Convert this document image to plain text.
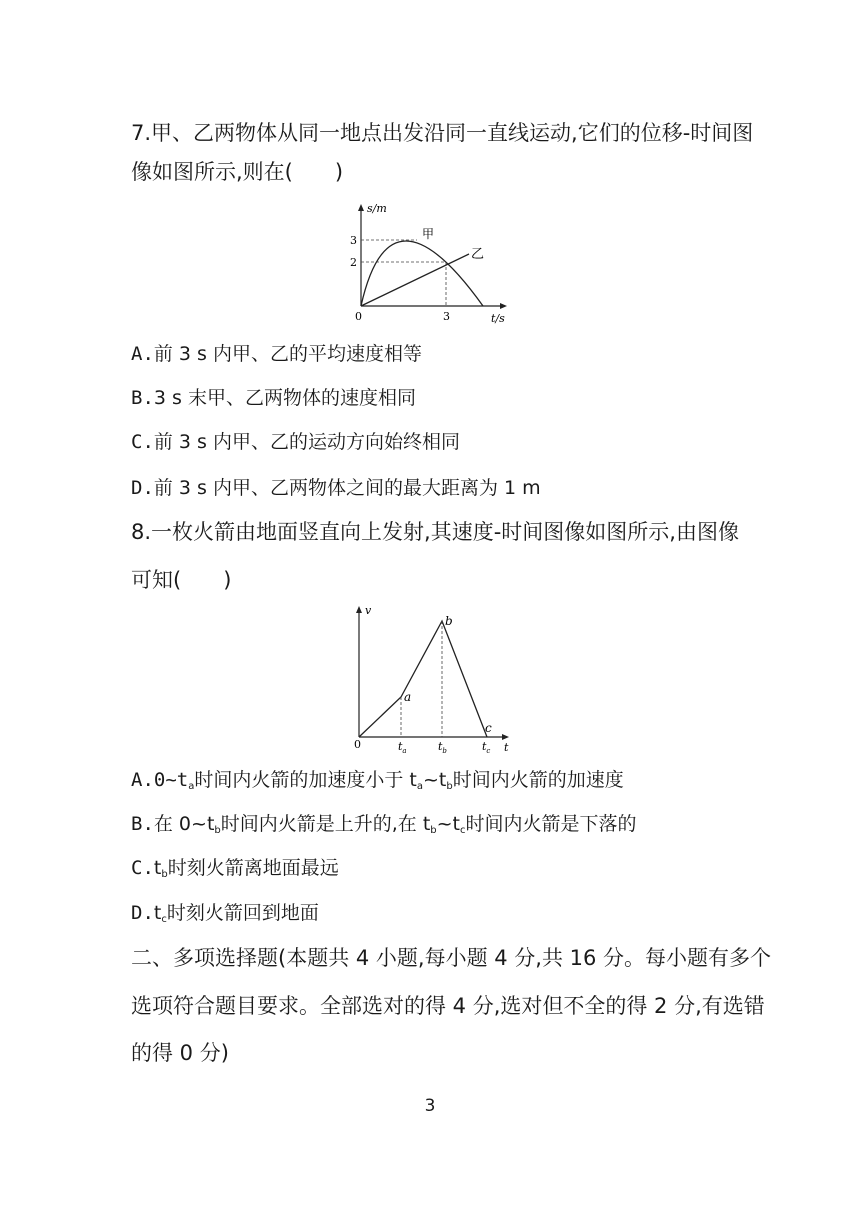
7.甲、乙两物体从同一地点出发沿同一直线运动,它们的位移-时间图
像如图所示,则在(　　)
s/m
t/s
0
3
2
3
甲
乙
A.前 3 s 内甲、乙的平均速度相等
B.3 s 末甲、乙两物体的速度相同
C.前 3 s 内甲、乙的运动方向始终相同
D.前 3 s 内甲、乙两物体之间的最大距离为 1 m
8.一枚火箭由地面竖直向上发射,其速度-时间图像如图所示,由图像
可知(　　)
v
t
0
a
b
c
$t_a$	$t_b$	$t_c$
$A.0\sim t_a$时间内火箭的加速度小于 $t_a\sim t_b$时间内火箭的加速度
B.在 $0\sim t_b$时间内火箭是上升的,在 $t_b\sim t_c$时间内火箭是下落的
$C.t_b$时刻火箭离地面最远
$D.t_c$时刻火箭回到地面
二、多项选择题(本题共 4 小题,每小题 4 分,共 16 分。每小题有多个
选项符合题目要求。全部选对的得 4 分,选对但不全的得 2 分,有选错
的得 0 分)
3
